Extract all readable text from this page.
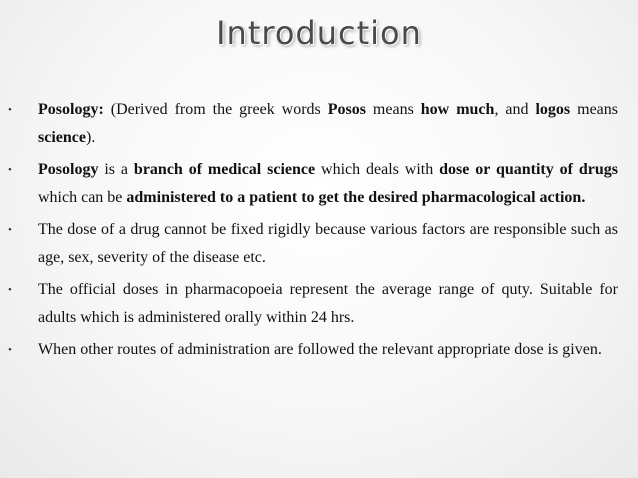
Introduction
• Posology: (Derived from the greek words Posos means how much, and logos means science).
• Posology is a branch of medical science which deals with dose or quantity of drugs which can be administered to a patient to get the desired pharmacological action.
• The dose of a drug cannot be fixed rigidly because various factors are responsible such as age, sex, severity of the disease etc.
• The official doses in pharmacopoeia represent the average range of quty. Suitable for adults which is administered orally within 24 hrs.
• When other routes of administration are followed the relevant appropriate dose is given.
